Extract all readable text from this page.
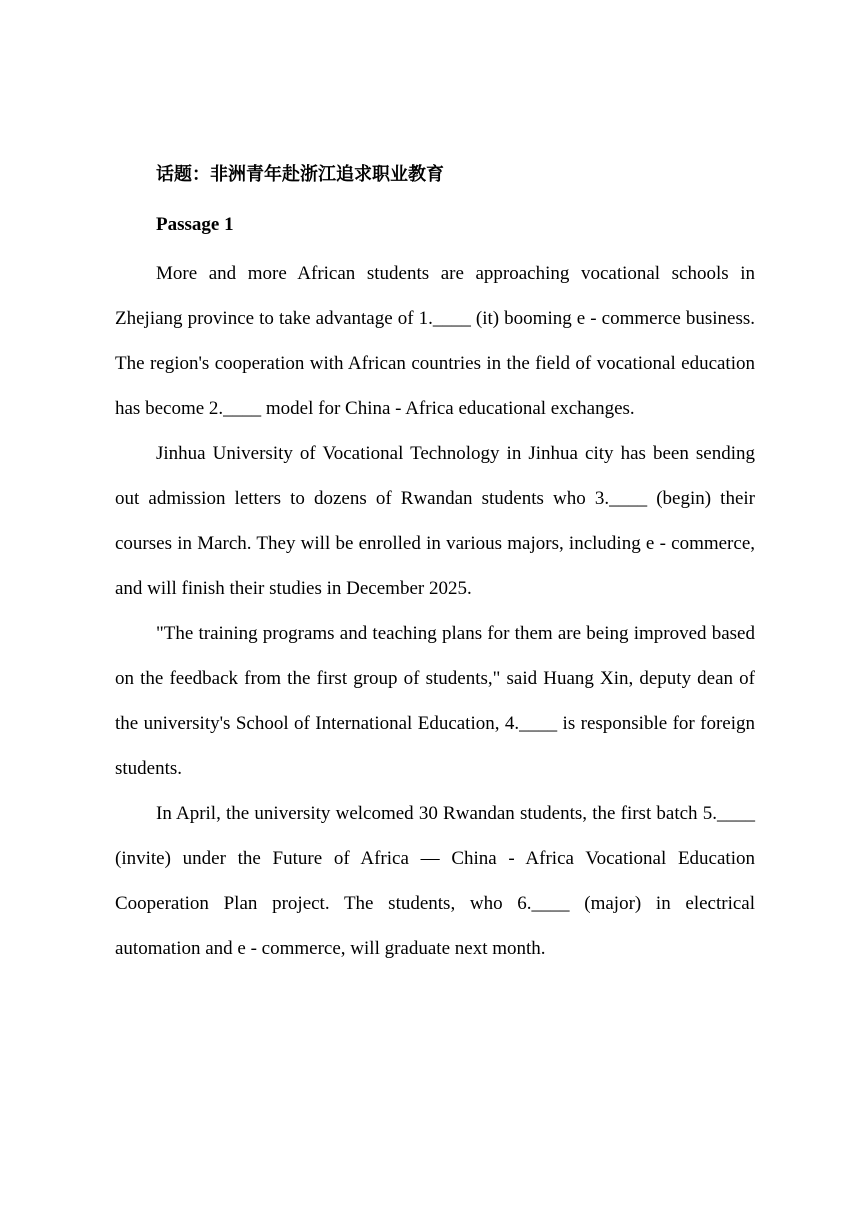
话题：非洲青年赴浙江追求职业教育

Passage 1

More and more African students are approaching vocational schools in Zhejiang province to take advantage of 1.____ (it) booming e - commerce business. The region's cooperation with African countries in the field of vocational education has become 2.____ model for China - Africa educational exchanges.

Jinhua University of Vocational Technology in Jinhua city has been sending out admission letters to dozens of Rwandan students who 3.____ (begin) their courses in March. They will be enrolled in various majors, including e - commerce, and will finish their studies in December 2025.

"The training programs and teaching plans for them are being improved based on the feedback from the first group of students," said Huang Xin, deputy dean of the university's School of International Education, 4.____ is responsible for foreign students.

In April, the university welcomed 30 Rwandan students, the first batch 5.____ (invite) under the Future of Africa — China - Africa Vocational Education Cooperation Plan project. The students, who 6.____ (major) in electrical automation and e - commerce, will graduate next month.
